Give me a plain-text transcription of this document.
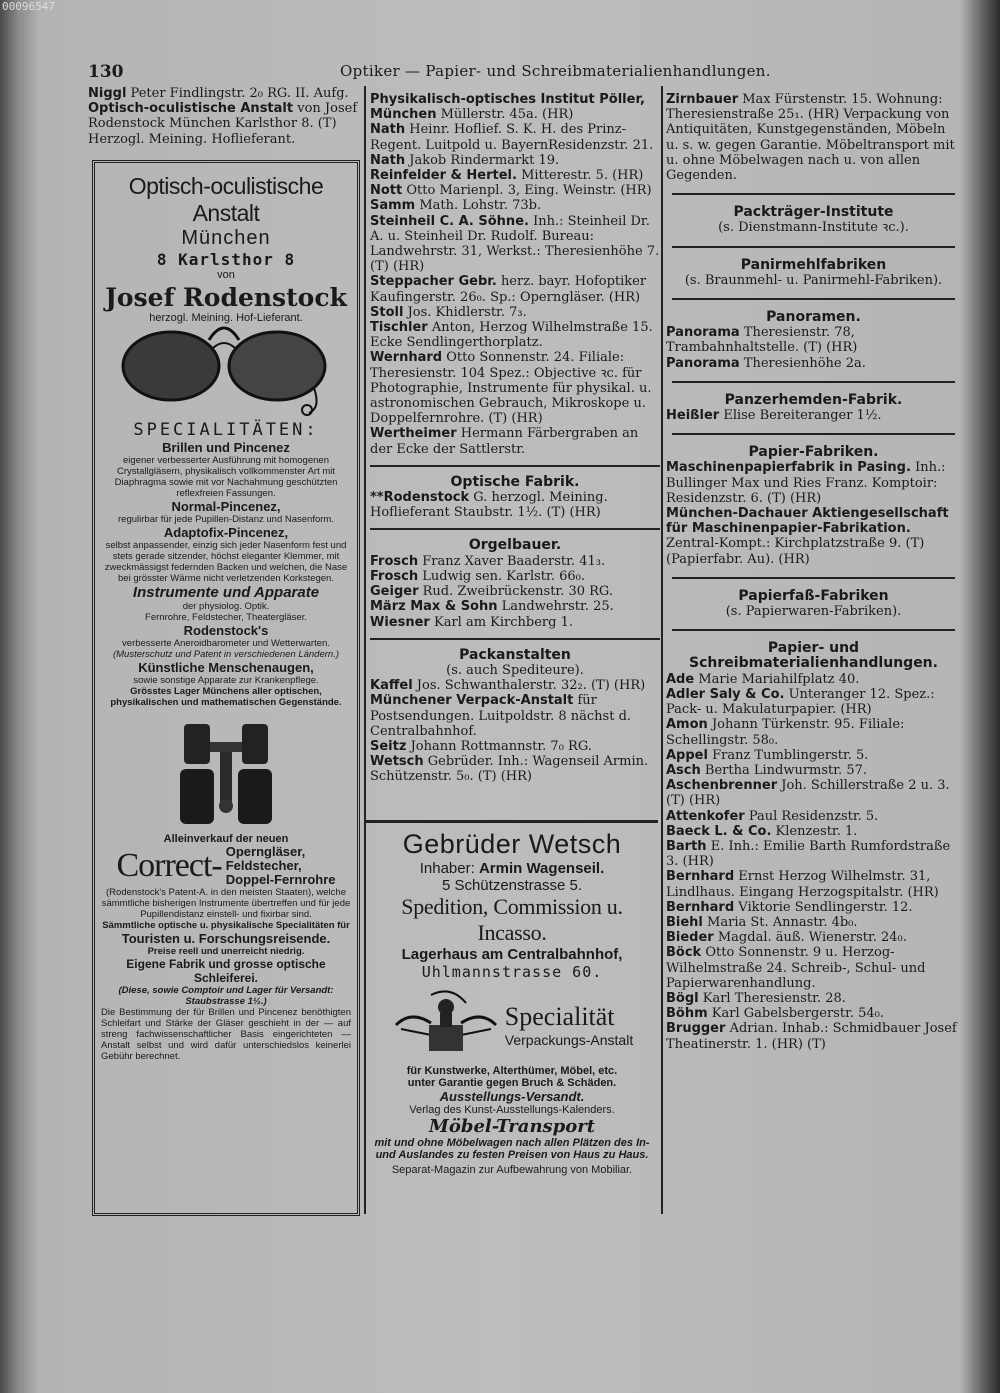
00096547
130	Optiker — Papier- und Schreibmaterialienhandlungen.

Niggl Peter Findlingstr. 2₀ RG. II. Aufg.

Optisch-oculistische Anstalt von Josef Rodenstock München Karlsthor 8. (T) Herzogl. Meining. Hoflieferant.

Optisch-oculistische Anstalt
München
8 Karlsthor 8
von
Josef Rodenstock
herzogl. Meining. Hof-Lieferant.
SPECIALITÄTEN:
Brillen und Pincenez
eigener verbesserter Ausführung mit homogenen Crystallgläsern, physikalisch vollkommenster Art mit Diaphragma sowie mit vor Nachahmung geschützten reflexfreien Fassungen.
Normal-Pincenez,
regulirbar für jede Pupillen-Distanz und Nasenform.
Adaptofix-Pincenez,
selbst anpassender, einzig sich jeder Nasenform fest und stets gerade sitzender, höchst eleganter Klemmer, mit zweckmässigst federnden Backen und welchen, die Nase bei grösster Wärme nicht verletzenden Korkstegen.
Instrumente und Apparate
der physiolog. Optik.
Fernrohre, Feldstecher, Theatergläser.
Rodenstock's
verbesserte Aneroidbarometer und Wetterwarten.
(Musterschutz und Patent in verschiedenen Ländern.)
Künstliche Menschenaugen,
sowie sonstige Apparate zur Krankenpflege.
Grösstes Lager Münchens aller optischen, physikalischen und mathematischen Gegenstände.
Alleinverkauf der neuen
Correct- Operngläser,
Feldstecher,
Doppel-Fernrohre
(Rodenstock's Patent-A. in den meisten Staaten), welche sämmtliche bisherigen Instrumente übertreffen und für jede Pupillendistanz einstell- und fixirbar sind.
Sämmtliche optische u. physikalische Specialitäten für
Touristen u. Forschungsreisende.
Preise reell und unerreicht niedrig.
Eigene Fabrik und grosse optische Schleiferei.
(Diese, sowie Comptoir und Lager für Versandt: Staubstrasse 1½.)
Die Bestimmung der für Brillen und Pincenez benöthigten Schleifart und Stärke der Gläser geschieht in der — auf streng fachwissenschaftlicher Basis eingerichteten — Anstalt selbst und wird dafür unterschiedslos keinerlei Gebühr berechnet.

Physikalisch-optisches Institut Pöller, München Müllerstr. 45a. (HR)

Nath Heinr. Hoflief. S. K. H. des Prinz-Regent. Luitpold u. BayernResidenzstr. 21.

Nath Jakob Rindermarkt 19.

Reinfelder & Hertel. Mitterestr. 5. (HR)

Nott Otto Marienpl. 3, Eing. Weinstr. (HR)

Samm Math. Lohstr. 73b.

Steinheil C. A. Söhne. Inh.: Steinheil Dr. A. u. Steinheil Dr. Rudolf. Bureau: Landwehrstr. 31, Werkst.: Theresienhöhe 7. (T) (HR)

Steppacher Gebr. herz. bayr. Hofoptiker Kaufingerstr. 26₀. Sp.: Operngläser. (HR)

Stoll Jos. Khidlerstr. 7₃.

Tischler Anton, Herzog Wilhelmstraße 15. Ecke Sendlingerthorplatz.

Wernhard Otto Sonnenstr. 24. Filiale: Theresienstr. 104 Spez.: Objective ꝛc. für Photographie, Instrumente für physikal. u. astronomischen Gebrauch, Mikroskope u. Doppelfernrohre. (T) (HR)

Wertheimer Hermann Färbergraben an der Ecke der Sattlerstr.

Optische Fabrik.

**Rodenstock G. herzogl. Meining. Hoflieferant Staubstr. 1½. (T) (HR)

Orgelbauer.

Frosch Franz Xaver Baaderstr. 41₃.

Frosch Ludwig sen. Karlstr. 66₀.

Geiger Rud. Zweibrückenstr. 30 RG.

März Max & Sohn Landwehrstr. 25.

Wiesner Karl am Kirchberg 1.

Packanstalten

(s. auch Spediteure).

Kaffel Jos. Schwanthalerstr. 32₂. (T) (HR)

Münchener Verpack-Anstalt für Postsendungen. Luitpoldstr. 8 nächst d. Centralbahnhof.

Seitz Johann Rottmannstr. 7₀ RG.

Wetsch Gebrüder. Inh.: Wagenseil Armin. Schützenstr. 5₀. (T) (HR)

Gebrüder Wetsch
Inhaber: Armin Wagenseil.
5 Schützenstrasse 5.
Spedition, Commission u. Incasso.
Lagerhaus am Centralbahnhof,
Uhlmannstrasse 60.
Specialität
Verpackungs-Anstalt
für Kunstwerke, Alterthümer, Möbel, etc.
unter Garantie gegen Bruch & Schäden.
Ausstellungs-Versandt.
Verlag des Kunst-Ausstellungs-Kalenders.
Möbel-Transport
mit und ohne Möbelwagen nach allen Plätzen des In- und Auslandes zu festen Preisen von Haus zu Haus.
Separat-Magazin zur Aufbewahrung von Mobiliar.

Zirnbauer Max Fürstenstr. 15. Wohnung: Theresienstraße 25₁. (HR) Verpackung von Antiquitäten, Kunstgegenständen, Möbeln u. s. w. gegen Garantie. Möbeltransport mit u. ohne Möbelwagen nach u. von allen Gegenden.

Packträger-Institute

(s. Dienstmann-Institute ꝛc.).

Panirmehlfabriken

(s. Braunmehl- u. Panirmehl-Fabriken).

Panoramen.

Panorama Theresienstr. 78, Trambahnhaltstelle. (T) (HR)

Panorama Theresienhöhe 2a.

Panzerhemden-Fabrik.

Heißler Elise Bereiteranger 1½.

Papier-Fabriken.

Maschinenpapierfabrik in Pasing. Inh.: Bullinger Max und Ries Franz. Komptoir: Residenzstr. 6. (T) (HR)

München-Dachauer Aktiengesellschaft für Maschinenpapier-Fabrikation. Zentral-Kompt.: Kirchplatzstraße 9. (T) (Papierfabr. Au). (HR)

Papierfaß-Fabriken

(s. Papierwaren-Fabriken).

Papier- und Schreibmaterialienhandlungen.

Ade Marie Mariahilfplatz 40.

Adler Saly & Co. Unteranger 12. Spez.: Pack- u. Makulaturpapier. (HR)

Amon Johann Türkenstr. 95. Filiale: Schellingstr. 58₀.

Appel Franz Tumblingerstr. 5.

Asch Bertha Lindwurmstr. 57.

Aschenbrenner Joh. Schillerstraße 2 u. 3. (T) (HR)

Attenkofer Paul Residenzstr. 5.

Baeck L. & Co. Klenzestr. 1.

Barth E. Inh.: Emilie Barth Rumfordstraße 3. (HR)

Bernhard Ernst Herzog Wilhelmstr. 31, Lindlhaus. Eingang Herzogspitalstr. (HR)

Bernhard Viktorie Sendlingerstr. 12.

Biehl Maria St. Annastr. 4b₀.

Bieder Magdal. äuß. Wienerstr. 24₀.

Böck Otto Sonnenstr. 9 u. Herzog-Wilhelmstraße 24. Schreib-, Schul- und Papierwarenhandlung.

Bögl Karl Theresienstr. 28.

Böhm Karl Gabelsbergerstr. 54₀.

Brugger Adrian. Inhab.: Schmidbauer Josef Theatinerstr. 1. (HR) (T)
